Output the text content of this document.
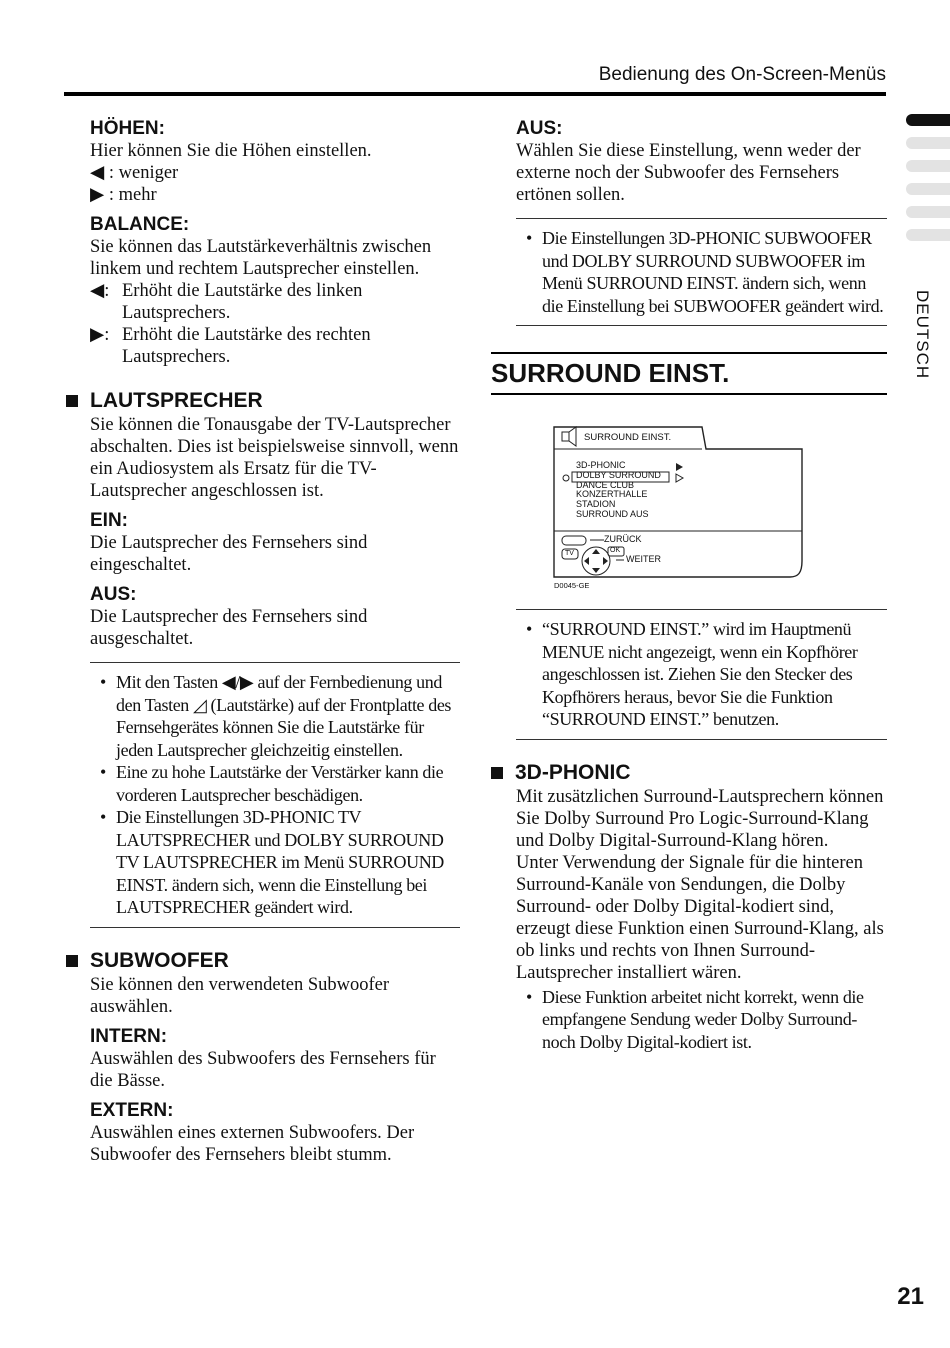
Bedienung des On-Screen-Menüs
DEUTSCH
21
HÖHEN:
Hier können Sie die Höhen einstellen.
◀ : weniger
▶ : mehr
BALANCE:
Sie können das Lautstärkeverhältnis zwischen linkem und rechtem Lautsprecher einstellen.
◀: Erhöht die Lautstärke des linken Lautsprechers.
▶: Erhöht die Lautstärke des rechten Lautsprechers.
LAUTSPRECHER
Sie können die Tonausgabe der TV-Lautsprecher abschalten. Dies ist beispielsweise sinnvoll, wenn ein Audiosystem als Ersatz für die TV-Lautsprecher angeschlossen ist.
EIN:
Die Lautsprecher des Fernsehers sind eingeschaltet.
AUS:
Die Lautsprecher des Fernsehers sind ausgeschaltet.
• Mit den Tasten ◀/▶ auf der Fernbedienung und den Tasten ◿ (Lautstärke) auf der Frontplatte des Fernsehgerätes können Sie die Lautstärke für jeden Lautsprecher gleichzeitig einstellen.
• Eine zu hohe Lautstärke der Verstärker kann die vorderen Lautsprecher beschädigen.
• Die Einstellungen 3D-PHONIC TV LAUTSPRECHER und DOLBY SURROUND TV LAUTSPRECHER im Menü SURROUND EINST. ändern sich, wenn die Einstellung bei LAUTSPRECHER geändert wird.
SUBWOOFER
Sie können den verwendeten Subwoofer auswählen.
INTERN:
Auswählen des Subwoofers des Fernsehers für die Bässe.
EXTERN:
Auswählen eines externen Subwoofers. Der Subwoofer des Fernsehers bleibt stumm.
AUS:
Wählen Sie diese Einstellung, wenn weder der externe noch der Subwoofer des Fernsehers ertönen sollen.
• Die Einstellungen 3D-PHONIC SUBWOOFER und DOLBY SURROUND SUBWOOFER im Menü SURROUND EINST. ändern sich, wenn die Einstellung bei SUBWOOFER geändert wird.
SURROUND EINST.
SURROUND EINST.
3D-PHONIC
DOLBY SURROUND
DANCE CLUB
KONZERTHALLE
STADION
SURROUND AUS
TV	OK
ZURÜCK
WEITER
D0045-GE
• “SURROUND EINST.” wird im Hauptmenü MENUE nicht angezeigt, wenn ein Kopfhörer angeschlossen ist. Ziehen Sie den Stecker des Kopfhörers heraus, bevor Sie die Funktion “SURROUND EINST.” benutzen.
3D-PHONIC
Mit zusätzlichen Surround-Lautsprechern können Sie Dolby Surround Pro Logic-Surround-Klang und Dolby Digital-Surround-Klang hören.
Unter Verwendung der Signale für die hinteren Surround-Kanäle von Sendungen, die Dolby Surround- oder Dolby Digital-kodiert sind, erzeugt diese Funktion einen Surround-Klang, als ob links und rechts von Ihnen Surround-Lautsprecher installiert wären.
• Diese Funktion arbeitet nicht korrekt, wenn die empfangene Sendung weder Dolby Surround- noch Dolby Digital-kodiert ist.
